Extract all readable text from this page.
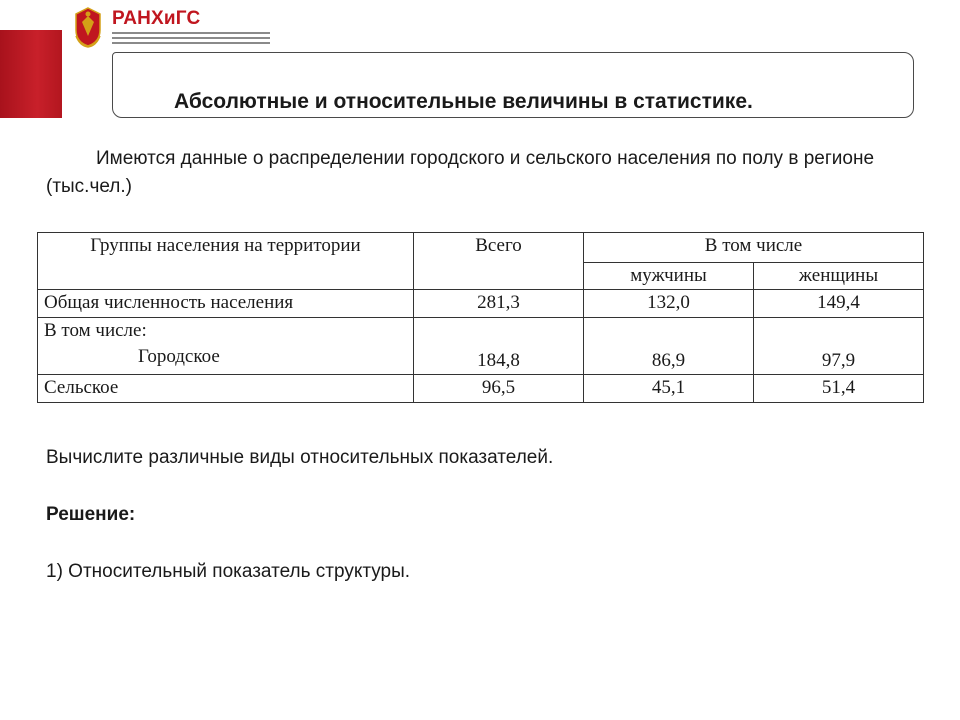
РАНХиГС
Абсолютные и относительные величины в статистике.
Имеются данные о распределении городского и сельского населения по полу в регионе (тыс.чел.)
Группы населения на территории	Всего	В том числе	
		мужчины	женщины
Общая численность населения	281,3	132,0	149,4
В том числе:
Городское	184,8	86,9	97,9
Сельское	96,5	45,1	51,4
Вычислите различные виды относительных показателей.
Решение:
1) Относительный показатель структуры.
